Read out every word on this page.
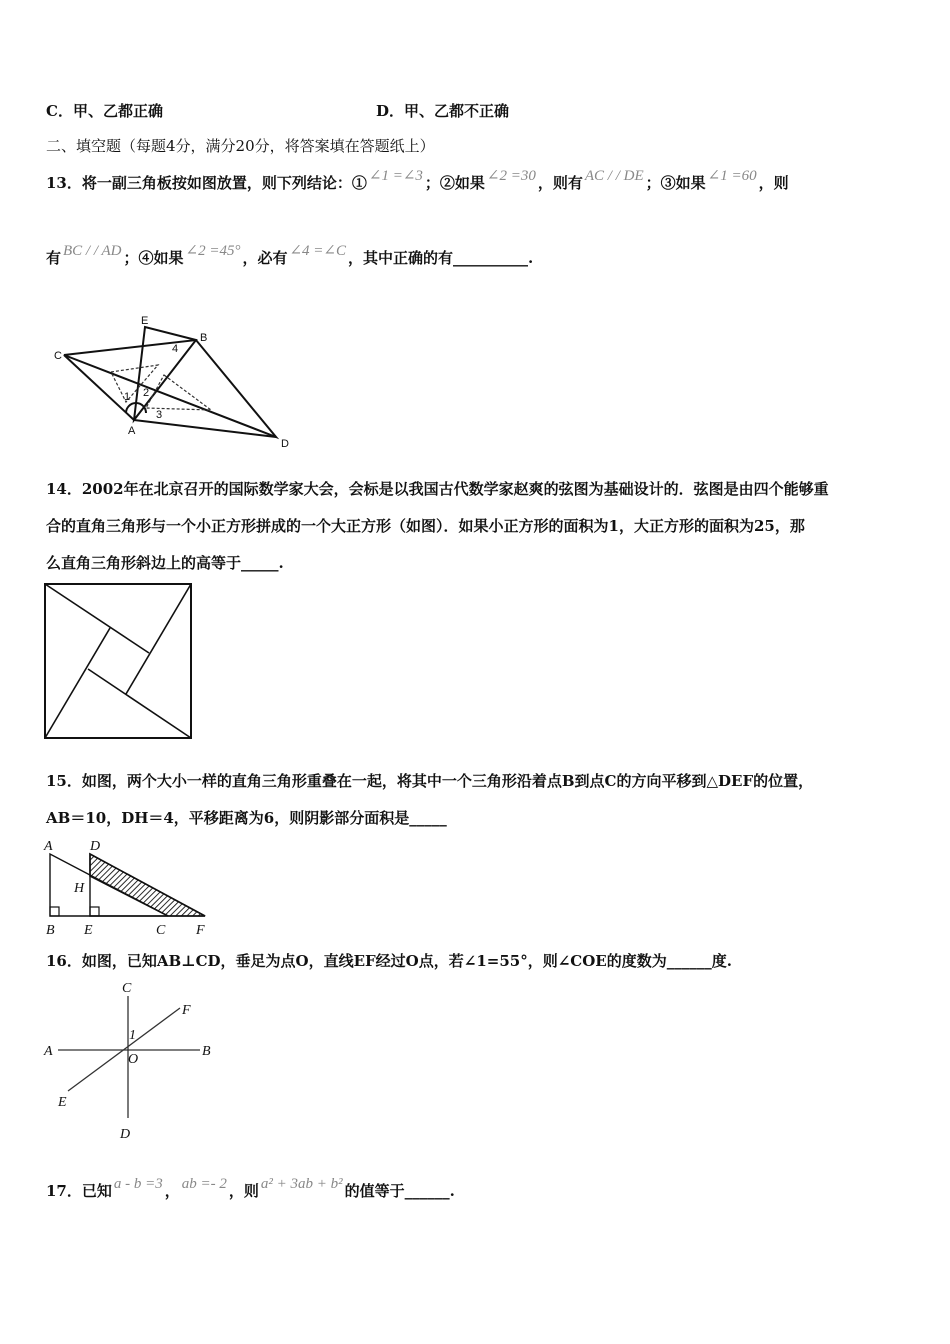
C．甲、乙都正确	D．甲、乙都不正确
二、填空题（每题4分，满分20分，将答案填在答题纸上）
13．将一副三角板按如图放置，则下列结论：① ∠1 =∠3 ；②如果 ∠2 =30 ，则有 AC / / DE ；③如果 ∠1 =60 ，则
有 BC / / AD ；④如果 ∠2 =45° ，必有 ∠4 =∠C ，其中正确的有__________.
E
B
C
A
D
1 2
3
4
14．2002年在北京召开的国际数学家大会，会标是以我国古代数学家赵爽的弦图为基础设计的．弦图是由四个能够重
合的直角三角形与一个小正方形拼成的一个大正方形（如图）．如果小正方形的面积为1，大正方形的面积为25，那
么直角三角形斜边上的高等于_____.
15．如图，两个大小一样的直角三角形重叠在一起，将其中一个三角形沿着点B到点C的方向平移到△DEF的位置，
AB＝10，DH＝4，平移距离为6，则阴影部分面积是_____
A	D
H
B E	C F
16．如图，已知AB⊥CD，垂足为点O，直线EF经过O点，若∠1=55°，则∠COE的度数为______度.
C
F
A	B
O
1
E
D
17．已知 a - b =3 ， ab =- 2 ，则 a² + 3ab + b² 的值等于______.
